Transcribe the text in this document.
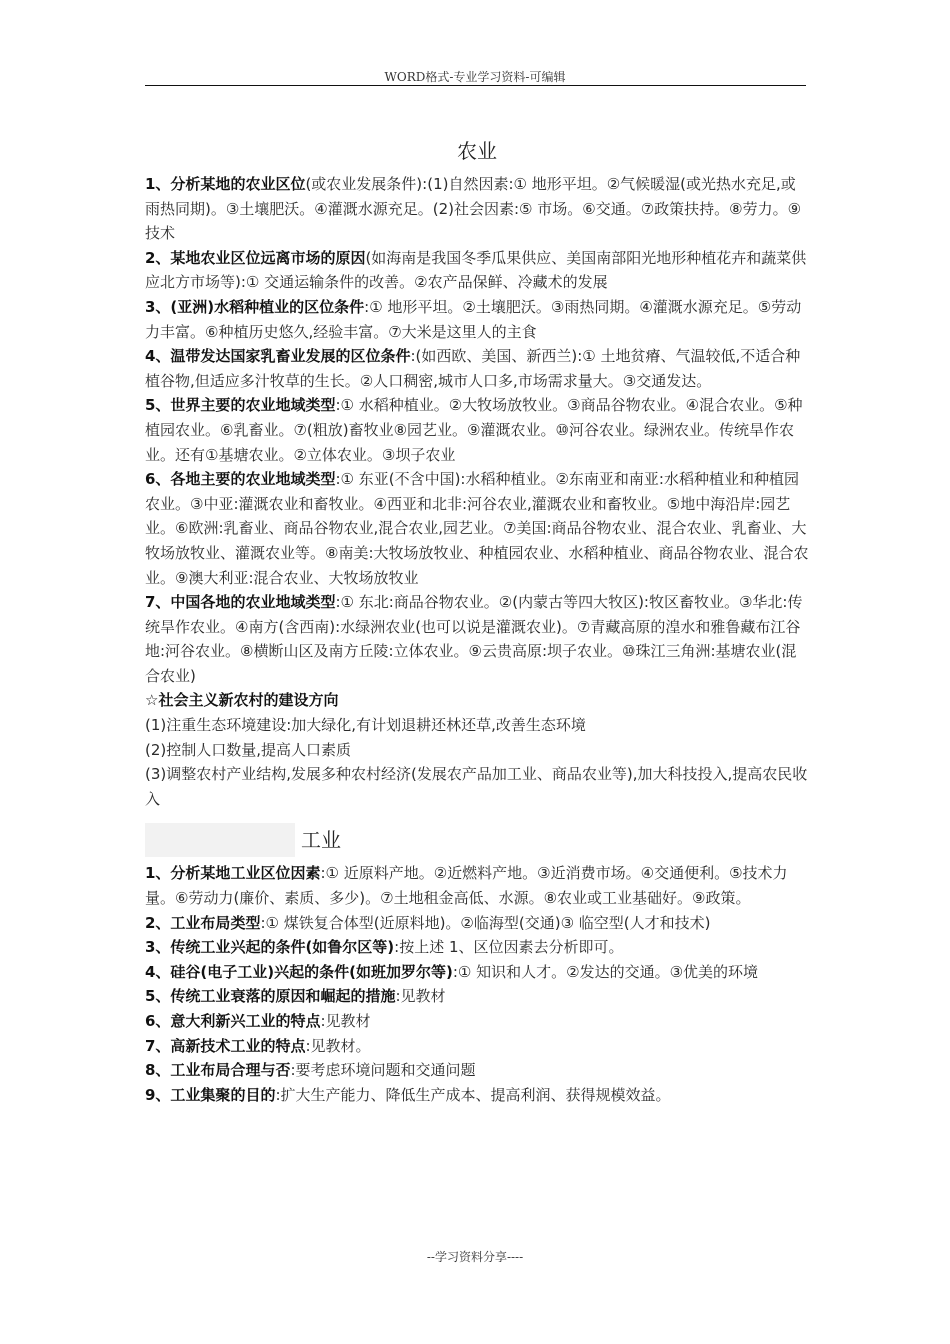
WORD格式-专业学习资料-可编辑
农业

1、分析某地的农业区位(或农业发展条件):(1)自然因素:① 地形平坦。②气候暖湿(或光热水充足,或雨热同期)。③土壤肥沃。④灌溉水源充足。(2)社会因素:⑤ 市场。⑥交通。⑦政策扶持。⑧劳力。⑨技术

2、某地农业区位远离市场的原因(如海南是我国冬季瓜果供应、美国南部阳光地形种植花卉和蔬菜供应北方市场等):① 交通运输条件的改善。②农产品保鲜、冷藏术的发展

3、(亚洲)水稻种植业的区位条件:① 地形平坦。②土壤肥沃。③雨热同期。④灌溉水源充足。⑤劳动力丰富。⑥种植历史悠久,经验丰富。⑦大米是这里人的主食

4、温带发达国家乳畜业发展的区位条件:(如西欧、美国、新西兰):① 土地贫瘠、气温较低,不适合种植谷物,但适应多汁牧草的生长。②人口稠密,城市人口多,市场需求量大。③交通发达。

5、世界主要的农业地域类型:① 水稻种植业。②大牧场放牧业。③商品谷物农业。④混合农业。⑤种植园农业。⑥乳畜业。⑦(粗放)畜牧业⑧园艺业。⑨灌溉农业。⑩河谷农业。绿洲农业。传统旱作农业。还有①基塘农业。②立体农业。③坝子农业

6、各地主要的农业地域类型:① 东亚(不含中国):水稻种植业。②东南亚和南亚:水稻种植业和种植园农业。③中亚:灌溉农业和畜牧业。④西亚和北非:河谷农业,灌溉农业和畜牧业。⑤地中海沿岸:园艺业。⑥欧洲:乳畜业、商品谷物农业,混合农业,园艺业。⑦美国:商品谷物农业、混合农业、乳畜业、大牧场放牧业、灌溉农业等。⑧南美:大牧场放牧业、种植园农业、水稻种植业、商品谷物农业、混合农业。⑨澳大利亚:混合农业、大牧场放牧业

7、中国各地的农业地域类型:① 东北:商品谷物农业。②(内蒙古等四大牧区):牧区畜牧业。③华北:传统旱作农业。④南方(含西南):水绿洲农业(也可以说是灌溉农业)。⑦青藏高原的湟水和雅鲁藏布江谷地:河谷农业。⑧横断山区及南方丘陵:立体农业。⑨云贵高原:坝子农业。⑩珠江三角洲:基塘农业(混合农业)

☆社会主义新农村的建设方向

(1)注重生态环境建设:加大绿化,有计划退耕还林还草,改善生态环境

(2)控制人口数量,提高人口素质

(3)调整农村产业结构,发展多种农村经济(发展农产品加工业、商品农业等),加大科技投入,提高农民收入

工业

1、分析某地工业区位因素:① 近原料产地。②近燃料产地。③近消费市场。④交通便利。⑤技术力量。⑥劳动力(廉价、素质、多少)。⑦土地租金高低、水源。⑧农业或工业基础好。⑨政策。

2、工业布局类型:① 煤铁复合体型(近原料地)。②临海型(交通)③ 临空型(人才和技术)

3、传统工业兴起的条件(如鲁尔区等):按上述 1、区位因素去分析即可。

4、硅谷(电子工业)兴起的条件(如班加罗尔等):① 知识和人才。②发达的交通。③优美的环境

5、传统工业衰落的原因和崛起的措施:见教材

6、意大利新兴工业的特点:见教材

7、高新技术工业的特点:见教材。

8、工业布局合理与否:要考虑环境问题和交通问题

9、工业集聚的目的:扩大生产能力、降低生产成本、提高利润、获得规模效益。

--学习资料分享----
